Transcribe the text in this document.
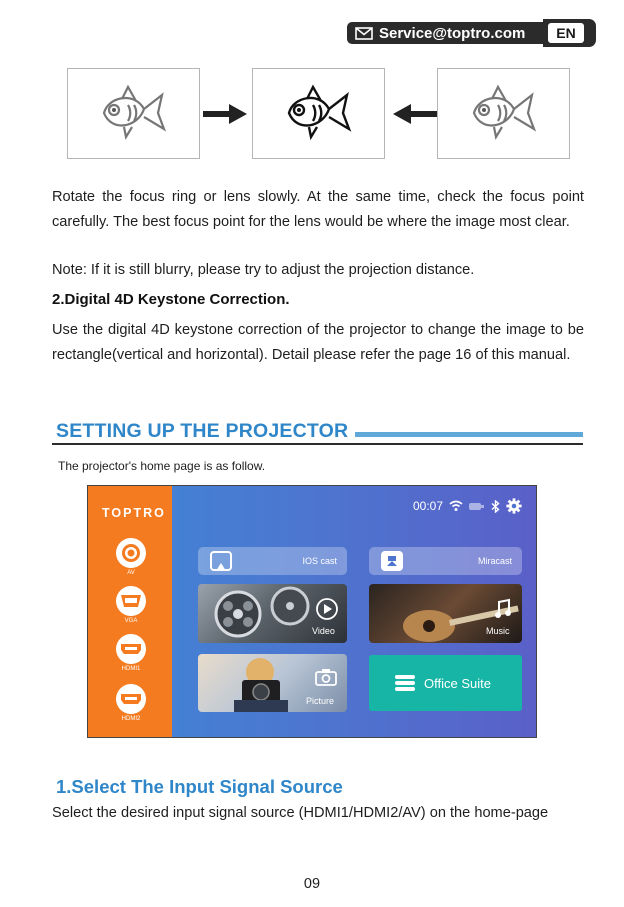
Service@toptro.com	EN

Rotate the focus ring or lens slowly. At the same time, check the focus point carefully. The best focus point for the lens would be where the image most clear.

Note: If it is still blurry, please try to adjust the projection distance.

2.Digital 4D Keystone Correction.

Use the digital 4D keystone correction of the projector to change the image to be rectangle(vertical and horizontal). Detail please refer the page 16 of this manual.

SETTING UP THE PROJECTOR
The projector's home page is as follow.
TOPTRO
AV
VGA
HDMI1
HDMI2
00:07
IOS cast	Miracast
Video	Music
Picture
Office Suite
1.Select The Input Signal Source

Select the desired input signal source (HDMI1/HDMI2/AV) on the home-page

09
